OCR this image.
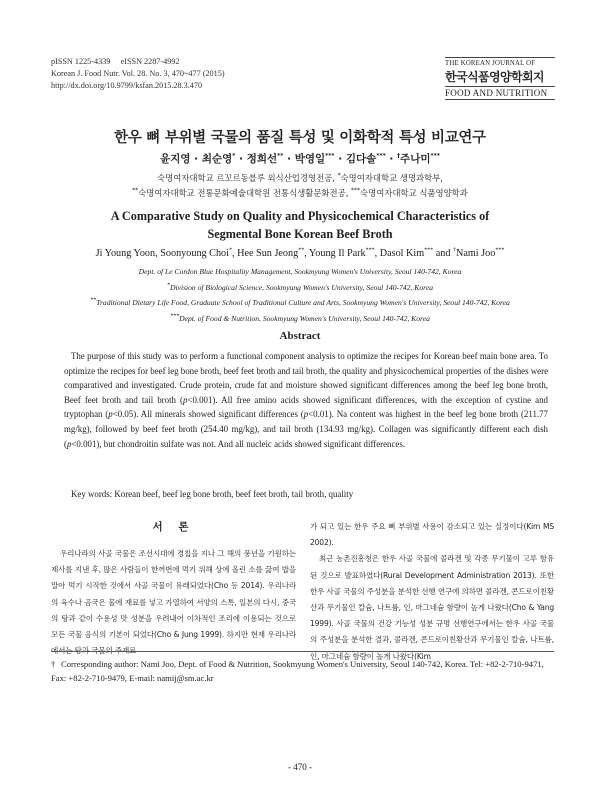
pISSN 1225-4339     eISSN 2287-4992
Korean J. Food Nutr. Vol. 28. No. 3, 470~477 (2015)
http://dx.doi.org/10.9799/ksfan.2015.28.3.470
THE KOREAN JOURNAL OF
한국식품영양학회지
FOOD AND NUTRITION
한우 뼈 부위별 국물의 품질 특성 및 이화학적 특성 비교연구
윤지영 · 최순영* · 정희선** · 박영일*** · 김다솔*** · †주나미***
숙명여자대학교 르꼬르동블루 외식산업경영전공, *숙명여자대학교 생명과학부,
**숙명여자대학교 전통문화예술대학원 전통식생활문화전공, ***숙명여자대학교 식품영양학과
A Comparative Study on Quality and Physicochemical Characteristics of
Segmental Bone Korean Beef Broth
Ji Young Yoon, Soonyoung Choi*, Hee Sun Jeong**, Young Il Park***, Dasol Kim*** and †Nami Joo***
Dept. of Le Cordon Blue Hospitality Management, Sookmyung Women's University, Seoul 140-742, Korea
*Division of Biological Science, Sookmyung Women's University, Seoul 140-742, Korea
**Traditional Dietary Life Food, Graduate School of Traditional Culture and Arts, Sookmyung Women's University, Seoul 140-742, Korea
***Dept. of Food & Nutrition, Sookmyung Women's University, Seoul 140-742, Korea
Abstract
The purpose of this study was to perform a functional component analysis to optimize the recipes for Korean beef main bone area. To optimize the recipes for beef leg bone broth, beef feet broth and tail broth, the quality and physicochemical properties of the dishes were comparatived and investigated. Crude protein, crude fat and moisture showed significant differences among the beef leg bone broth, Beef feet broth and tail broth (p<0.001). All free amino acids showed significant differences, with the exception of cystine and tryptophan (p<0.05). All minerals showed significant differences (p<0.01). Na content was highest in the beef leg bone broth (211.77 mg/kg), followed by beef feet broth (254.40 mg/kg), and tail broth (134.93 mg/kg). Collagen was significantly different each dish (p<0.001), but chondroitin sulfate was not. And all nucleic acids showed significant differences.
Key words: Korean beef, beef leg bone broth, beef feet broth, tail broth, quality
서 론

우리나라의 사골 국물은 조선시대에 경칩을 지나 그 해의 풍년을 기원하는 제사를 지낸 후, 많은 사람들이 한꺼번에 먹기 위해 상에 올린 소를 끓여 밥을 말아 먹기 시작한 것에서 사골 국물이 유래되었다(Cho 등 2014). 우리나라의 육수나 곰국은 물에 재료를 넣고 가열하여 서양의 스톡, 일본의 다시, 중국의 탕과 같이 수용성 맛 성분을 우려내어 이차적인 조리에 이용되는 것으로 모든 국물 음식의 기본이 되었다(Cho & Jung 1999). 하지만 현재 우리나라

가 되고 있는 한우 주요 뼈 부위별 사용이 감소되고 있는 실정이다(Kim MS 2002).

최근 농촌진흥청은 한우 사골 국물에 콜라겐 및 각종 무기물이 고루 함유된 것으로 발표하였다(Rural Development Administration 2013). 또한 한우 사골 국물의 주성분을 분석한 선행 연구에 의하면 콜라겐, 콘드로이친황산과 무기물인 칼슘, 나트륨, 인, 마그네슘 함량이 높게 나왔다(Cho & Yang 1999). 사골 국물의 건강 기능성 성분 규명 선행연구에서는 한우 사골 국물의 주성분을 분석한 결과, 콜라겐, 콘드로이친황산과 무기물인 칼슘, 나트륨, 인, 마그네슘 함량이 높게 나왔다(Kim

† Corresponding author: Nami Joo, Dept. of Food & Nutrition, Sookmyung Women's University, Seoul 140-742, Korea. Tel: +82-2-710-9471, Fax: +82-2-710-9479, E-mail: namij@sm.ac.kr
- 470 -
